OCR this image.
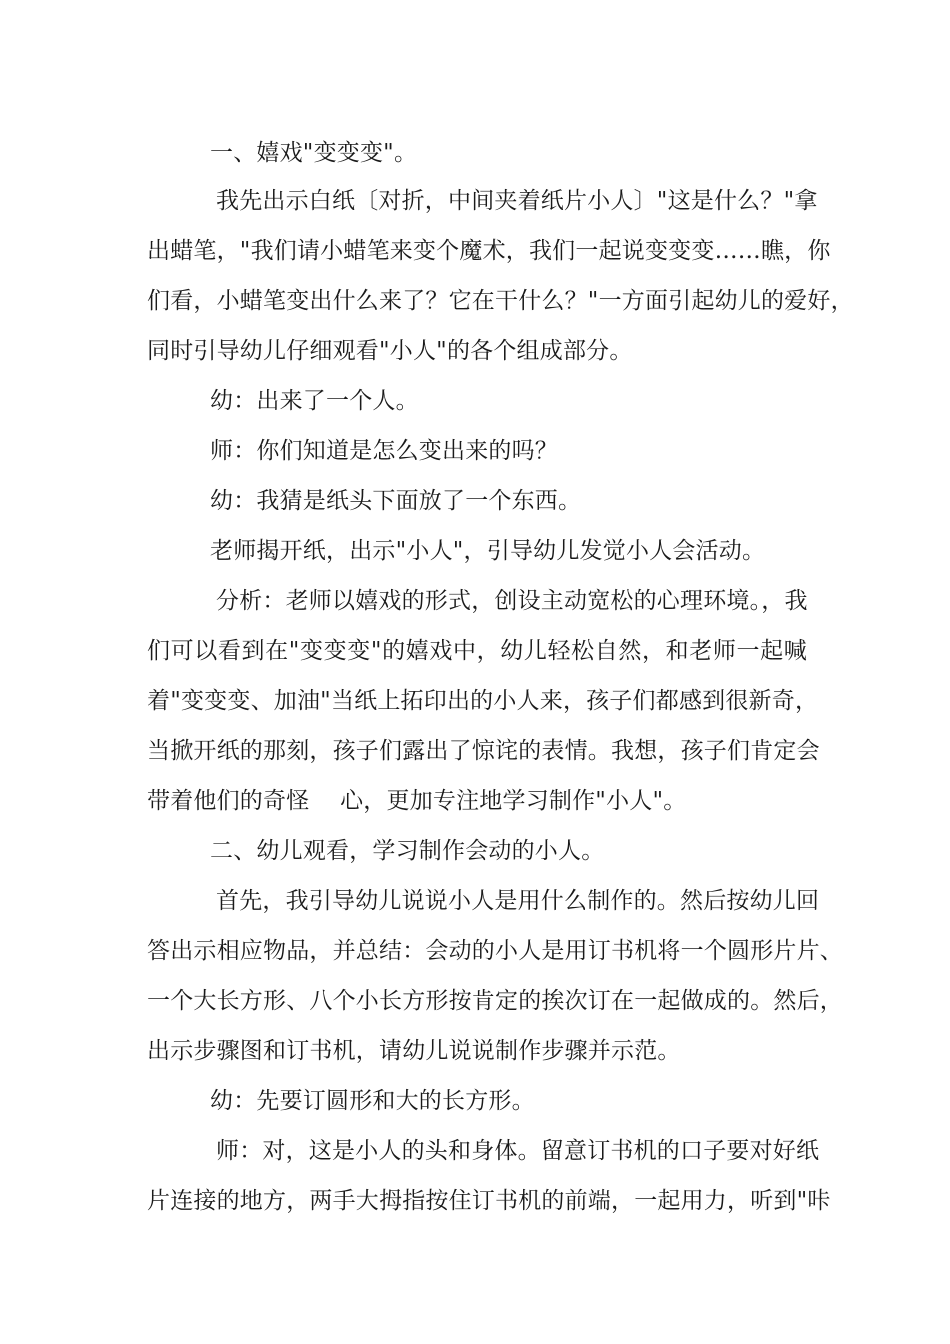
一、嬉戏"变变变"。
我先出示白纸〔对折，中间夹着纸片小人〕"这是什么？"拿
出蜡笔，"我们请小蜡笔来变个魔术，我们一起说变变变……瞧，你
们看，小蜡笔变出什么来了？它在干什么？"一方面引起幼儿的爱好，
同时引导幼儿仔细观看"小人"的各个组成部分。
幼：出来了一个人。
师：你们知道是怎么变出来的吗？
幼：我猜是纸头下面放了一个东西。
老师揭开纸，出示"小人"，引导幼儿发觉小人会活动。
分析：老师以嬉戏的形式，创设主动宽松的心理环境。，我
们可以看到在"变变变"的嬉戏中，幼儿轻松自然，和老师一起喊
着"变变变、加油"当纸上拓印出的小人来，孩子们都感到很新奇，
当掀开纸的那刻，孩子们露出了惊诧的表情。我想，孩子们肯定会
带着他们的奇怪　 心，更加专注地学习制作"小人"。
二、幼儿观看，学习制作会动的小人。
首先，我引导幼儿说说小人是用什么制作的。然后按幼儿回
答出示相应物品，并总结：会动的小人是用订书机将一个圆形片片、
一个大长方形、八个小长方形按肯定的挨次订在一起做成的。然后，
出示步骤图和订书机，请幼儿说说制作步骤并示范。
幼：先要订圆形和大的长方形。
师：对，这是小人的头和身体。留意订书机的口子要对好纸
片连接的地方，两手大拇指按住订书机的前端，一起用力，听到"咔
